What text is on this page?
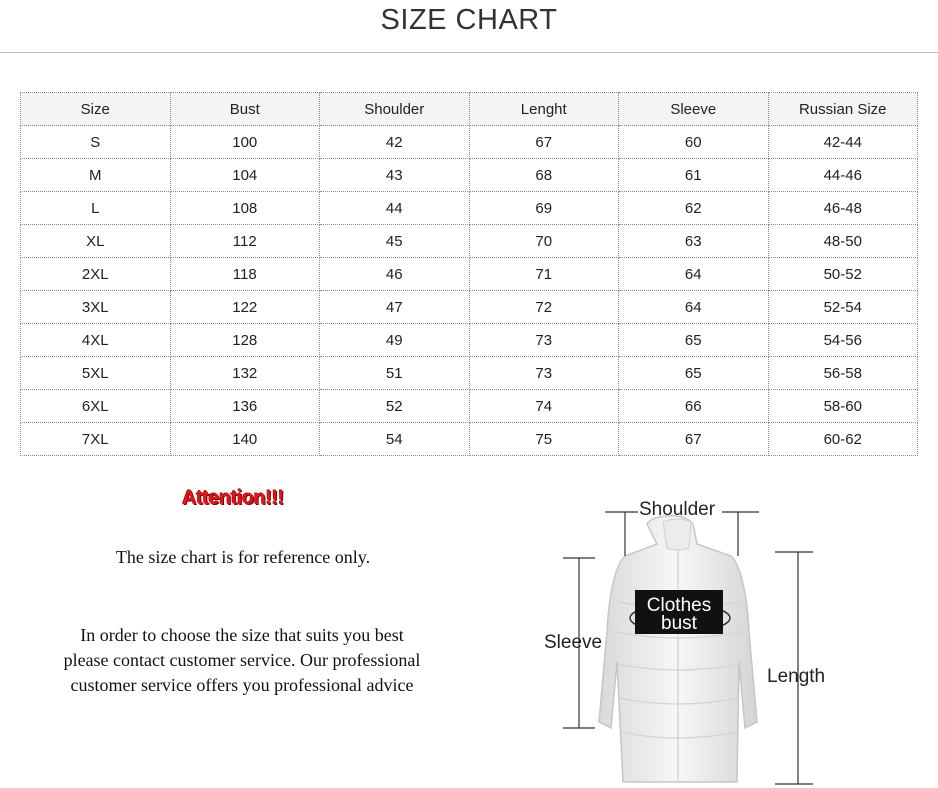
SIZE CHART
Size	Bust	Shoulder	Lenght	Sleeve	Russian Size
S	100	42	67	60	42-44
M	104	43	68	61	44-46
L	108	44	69	62	46-48
XL	112	45	70	63	48-50
2XL	118	46	71	64	50-52
3XL	122	47	72	64	52-54
4XL	128	49	73	65	54-56
5XL	132	51	73	65	56-58
6XL	136	52	74	66	58-60
7XL	140	54	75	67	60-62
Attention!!!
The size chart is for reference only.
In order to choose the size that suits you best
please contact customer service. Our professional
customer service offers you professional advice
Shoulder
Sleeve
Length
Clothes
bust
